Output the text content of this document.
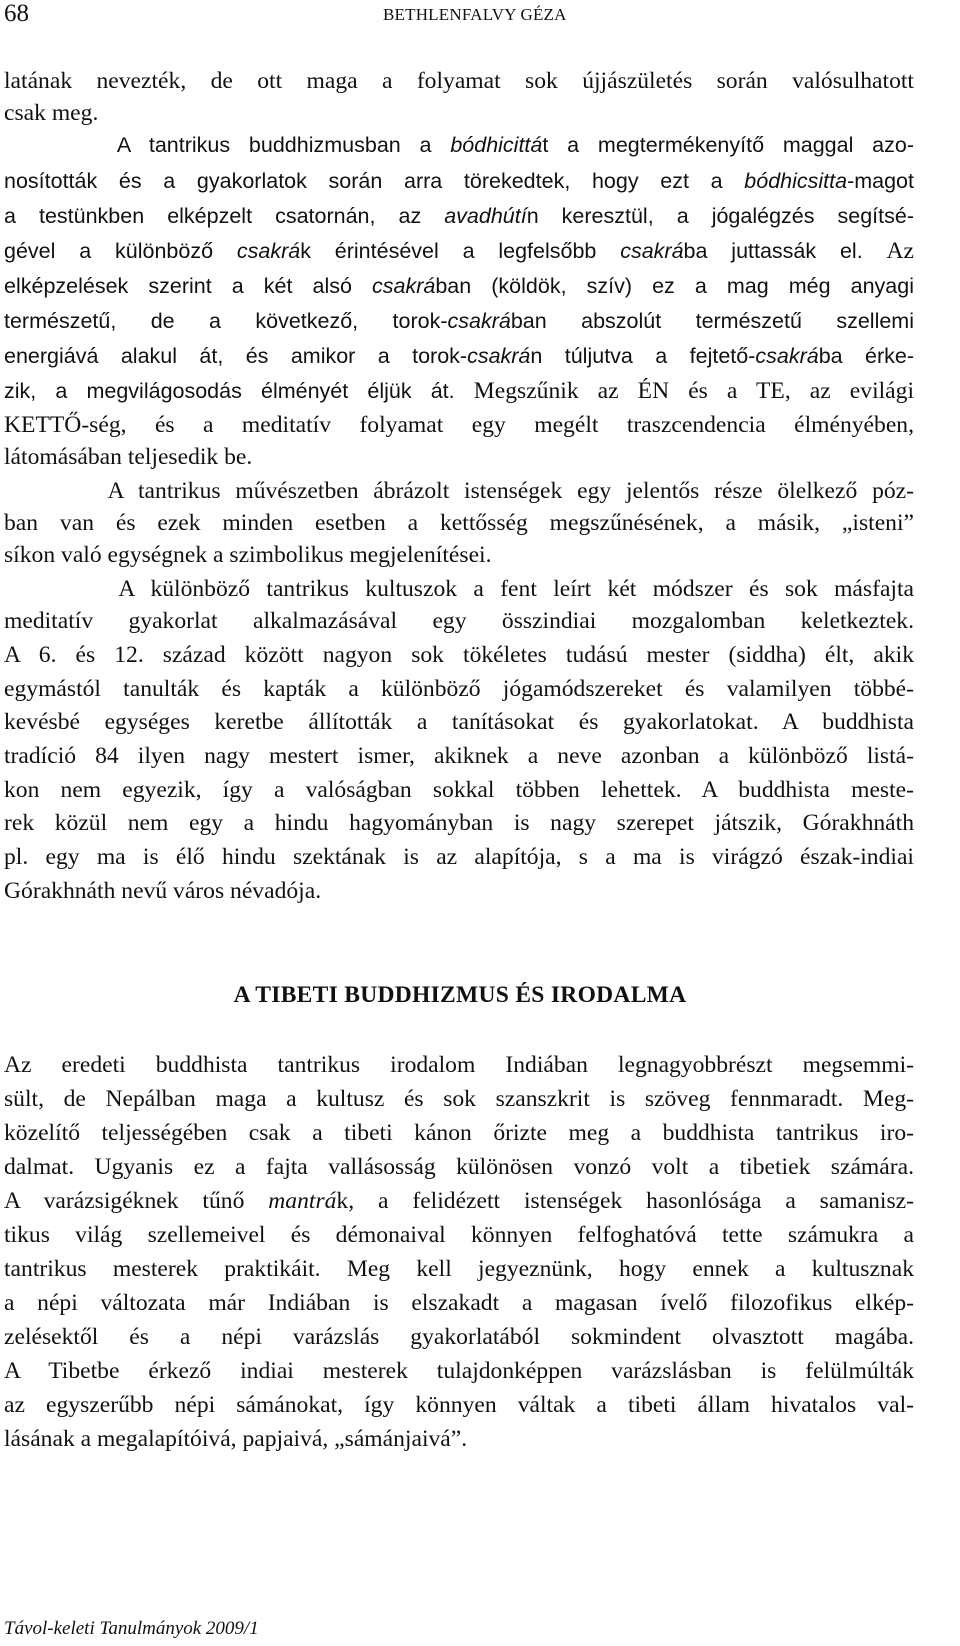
68	BETHLENFALVY GÉZA
latának nevezték, de ott maga a folyamat sok újjászületés során valósulhatott
csak meg.
A tantrikus buddhizmusban a bódhicittát a megtermékenyítő maggal azo-
nosították és a gyakorlatok során arra törekedtek, hogy ezt a bódhicsitta-magot
a testünkben elképzelt csatornán, az avadhútín keresztül, a jógalégzés segítsé-
gével a különböző csakrák érintésével a legfelsőbb csakrába juttassák el. Az
elképzelések szerint a két alsó csakrában (köldök, szív) ez a mag még anyagi
természetű, de a következő, torok-csakrában abszolút természetű szellemi
energiává alakul át, és amikor a torok-csakrán túljutva a fejtető-csakrába érke-
zik, a megvilágosodás élményét éljük át. Megszűnik az ÉN és a TE, az evilági
KETTŐ-ség, és a meditatív folyamat egy megélt traszcendencia élményében,
látomásában teljesedik be.
A tantrikus művészetben ábrázolt istenségek egy jelentős része ölelkező póz-
ban van és ezek minden esetben a kettősség megszűnésének, a másik, „isteni”
síkon való egységnek a szimbolikus megjelenítései.
A különböző tantrikus kultuszok a fent leírt két módszer és sok másfajta
meditatív gyakorlat alkalmazásával egy összindiai mozgalomban keletkeztek.
A 6. és 12. század között nagyon sok tökéletes tudású mester (siddha) élt, akik
egymástól tanulták és kapták a különböző jógamódszereket és valamilyen többé-
kevésbé egységes keretbe állították a tanításokat és gyakorlatokat. A buddhista
tradíció 84 ilyen nagy mestert ismer, akiknek a neve azonban a különböző listá-
kon nem egyezik, így a valóságban sokkal többen lehettek. A buddhista meste-
rek közül nem egy a hindu hagyományban is nagy szerepet játszik, Górakhnáth
pl. egy ma is élő hindu szektának is az alapítója, s a ma is virágzó észak-indiai
Górakhnáth nevű város névadója.
Az eredeti buddhista tantrikus irodalom Indiában legnagyobbrészt megsemmi-
sült, de Nepálban maga a kultusz és sok szanszkrit is szöveg fennmaradt. Meg-
közelítő teljességében csak a tibeti kánon őrizte meg a buddhista tantrikus iro-
dalmat. Ugyanis ez a fajta vallásosság különösen vonzó volt a tibetiek számára.
A varázsigéknek tűnő mantrák, a felidézett istenségek hasonlósága a samanisz-
tikus világ szellemeivel és démonaival könnyen felfoghatóvá tette számukra a
tantrikus mesterek praktikáit. Meg kell jegyeznünk, hogy ennek a kultusznak
a népi változata már Indiában is elszakadt a magasan ívelő filozofikus elkép-
zelésektől és a népi varázslás gyakorlatából sokmindent olvasztott magába.
A Tibetbe érkező indiai mesterek tulajdonképpen varázslásban is felülmúlták
az egyszerűbb népi sámánokat, így könnyen váltak a tibeti állam hivatalos val-
lásának a megalapítóivá, papjaivá, „sámánjaivá”.
A TIBETI BUDDHIZMUS ÉS IRODALMA
Távol-keleti Tanulmányok 2009/1
